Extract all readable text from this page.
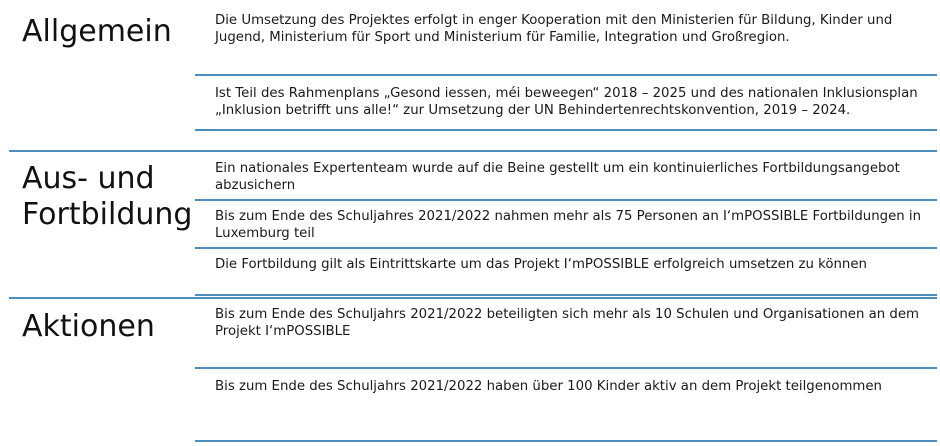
Allgemein	Die Umsetzung des Projektes erfolgt in enger Kooperation mit den Ministerien für Bildung, Kinder und Jugend, Ministerium für Sport und Ministerium für Familie, Integration und Großregion.
Ist Teil des Rahmenplans „Gesond iessen, méi beweegen“ 2018 – 2025 und des nationalen Inklusionsplan „Inklusion betrifft uns alle!“ zur Umsetzung der UN Behindertenrechtskonvention, 2019 – 2024.
Aus- und
Fortbildung
Ein nationales Expertenteam wurde auf die Beine gestellt um ein kontinuierliches Fortbildungsangebot abzusichern
Bis zum Ende des Schuljahres 2021/2022 nahmen mehr als 75 Personen an I‘mPOSSIBLE Fortbildungen in Luxemburg teil
Die Fortbildung gilt als Eintrittskarte um das Projekt I‘mPOSSIBLE erfolgreich umsetzen zu können
Aktionen	Bis zum Ende des Schuljahrs 2021/2022 beteiligten sich mehr als 10 Schulen und Organisationen an dem Projekt I‘mPOSSIBLE
Bis zum Ende des Schuljahrs 2021/2022 haben über 100 Kinder aktiv an dem Projekt teilgenommen
